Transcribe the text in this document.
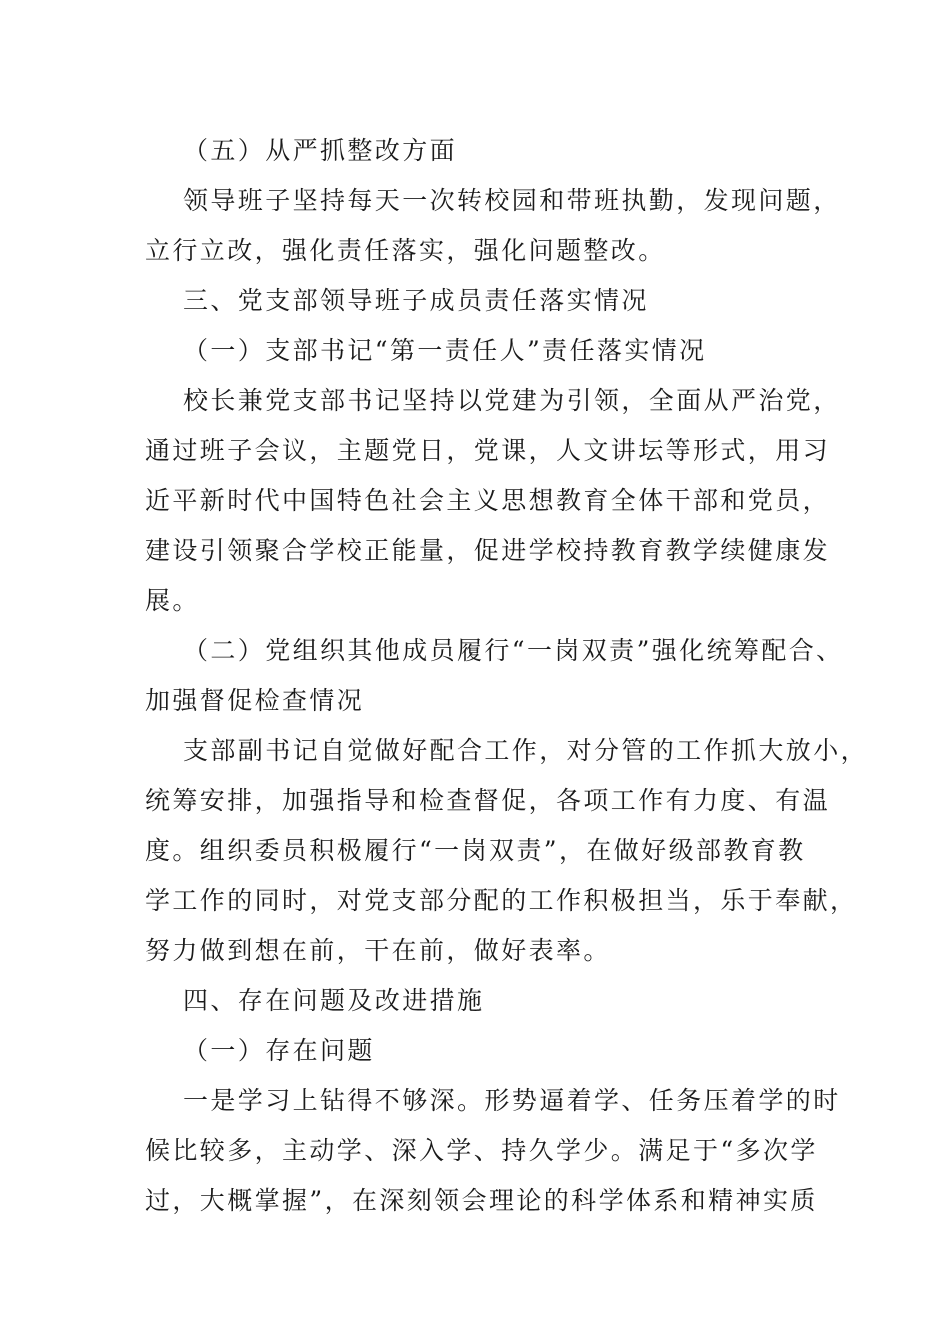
（五）从严抓整改方面
领导班子坚持每天一次转校园和带班执勤，发现问题，
立行立改，强化责任落实，强化问题整改。
三、党支部领导班子成员责任落实情况
（一）支部书记“第一责任人”责任落实情况
校长兼党支部书记坚持以党建为引领，全面从严治党，
通过班子会议，主题党日，党课，人文讲坛等形式，用习
近平新时代中国特色社会主义思想教育全体干部和党员，
建设引领聚合学校正能量，促进学校持教育教学续健康发
展。
（二）党组织其他成员履行“一岗双责”强化统筹配合、
加强督促检查情况
支部副书记自觉做好配合工作，对分管的工作抓大放小，
统筹安排，加强指导和检查督促，各项工作有力度、有温
度。组织委员积极履行“一岗双责”，在做好级部教育教
学工作的同时，对党支部分配的工作积极担当，乐于奉献，
努力做到想在前，干在前，做好表率。
四、存在问题及改进措施
（一）存在问题
一是学习上钻得不够深。形势逼着学、任务压着学的时
候比较多，主动学、深入学、持久学少。满足于“多次学
过，大概掌握”，在深刻领会理论的科学体系和精神实质
